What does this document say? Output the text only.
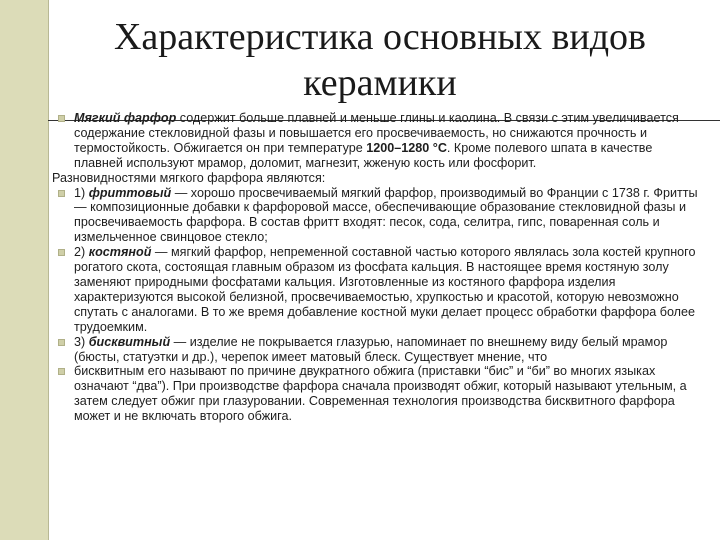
Характеристика основных видов
керамики

Мягкий фарфор содержит больше плавней и меньше глины и каолина. В связи с этим увеличивается содержание стекловидной фазы и повышается его просвечиваемость, но снижаются прочность и термостойкость. Обжигается он при температуре 1200–1280 °С. Кроме полевого шпата в качестве плавней используют мрамор, доломит, магнезит, жженую кость или фосфорит.

Разновидностями мягкого фарфора являются:

1) фриттовый — хорошо просвечиваемый мягкий фарфор, производимый во Франции с 1738 г. Фритты — композиционные добавки к фарфоровой массе, обеспечивающие образование стекловидной фазы и просвечиваемость фарфора. В состав фритт входят: песок, сода, селитра, гипс, поваренная соль и измельченное свинцовое стекло;

2) костяной — мягкий фарфор, непременной составной частью которого являлась зола костей крупного рогатого скота, состоящая главным образом из фосфата кальция. В настоящее время костяную золу заменяют природными фосфатами кальция. Изготовленные из костяного фарфора изделия характеризуются высокой белизной, просвечиваемостью, хрупкостью и красотой, которую невозможно спутать с аналогами. В то же время добавление костной муки делает процесс обработки фарфора более трудоемким.

3) бисквитный — изделие не покрывается глазурью, напоминает по внешнему виду белый мрамор (бюсты, статуэтки и др.), черепок имеет матовый блеск. Существует мнение, что

бисквитным его называют по причине двукратного обжига (приставки “бис” и “би” во многих языках означают “два”). При производстве фарфора сначала производят обжиг, который называют утельным, а затем следует обжиг при глазуровании. Современная технология производства бисквитного фарфора может и не включать второго обжига.
